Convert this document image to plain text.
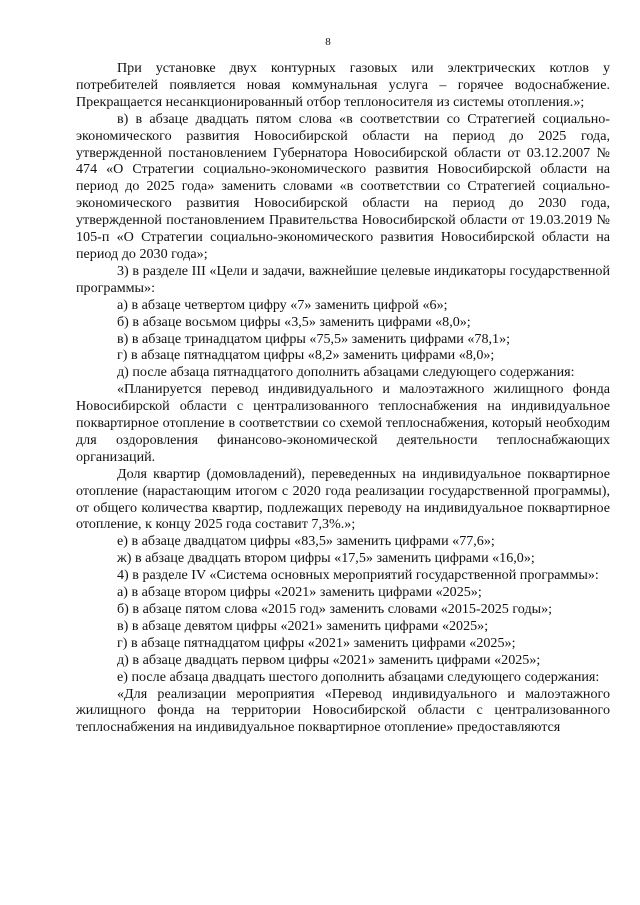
8

При установке двух контурных газовых или электрических котлов у потребителей появляется новая коммунальная услуга – горячее водоснабжение. Прекращается несанкционированный отбор теплоносителя из системы отопления.»;

в) в абзаце двадцать пятом слова «в соответствии со Стратегией социально-экономического развития Новосибирской области на период до 2025 года, утвержденной постановлением Губернатора Новосибирской области от 03.12.2007 № 474 «О Стратегии социально-экономического развития Новосибирской области на период до 2025 года» заменить словами «в соответствии со Стратегией социально-экономического развития Новосибирской области на период до 2030 года, утвержденной постановлением Правительства Новосибирской области от 19.03.2019 № 105-п «О Стратегии социально-экономического развития Новосибирской области на период до 2030 года»;

3) в разделе III «Цели и задачи, важнейшие целевые индикаторы государственной программы»:

а) в абзаце четвертом цифру «7» заменить цифрой «6»;

б) в абзаце восьмом цифры «3,5» заменить цифрами «8,0»;

в) в абзаце тринадцатом цифры «75,5» заменить цифрами «78,1»;

г) в абзаце пятнадцатом цифры «8,2» заменить цифрами «8,0»;

д) после абзаца пятнадцатого дополнить абзацами следующего содержания:

«Планируется перевод индивидуального и малоэтажного жилищного фонда Новосибирской области с централизованного теплоснабжения на индивидуальное поквартирное отопление в соответствии со схемой теплоснабжения, который необходим для оздоровления финансово-экономической деятельности теплоснабжающих организаций.

Доля квартир (домовладений), переведенных на индивидуальное поквартирное отопление (нарастающим итогом с 2020 года реализации государственной программы), от общего количества квартир, подлежащих переводу на индивидуальное поквартирное отопление, к концу 2025 года составит 7,3%.»;

е) в абзаце двадцатом цифры «83,5» заменить цифрами «77,6»;

ж) в абзаце двадцать втором цифры «17,5» заменить цифрами «16,0»;

4) в разделе IV «Система основных мероприятий государственной программы»:

а) в абзаце втором цифры «2021» заменить цифрами «2025»;

б) в абзаце пятом слова «2015 год» заменить словами «2015-2025 годы»;

в) в абзаце девятом цифры «2021» заменить цифрами «2025»;

г) в абзаце пятнадцатом цифры «2021» заменить цифрами «2025»;

д) в абзаце двадцать первом цифры «2021» заменить цифрами «2025»;

е) после абзаца двадцать шестого дополнить абзацами следующего содержания:

«Для реализации мероприятия «Перевод индивидуального и малоэтажного жилищного фонда на территории Новосибирской области с централизованного теплоснабжения на индивидуальное поквартирное отопление» предоставляются
